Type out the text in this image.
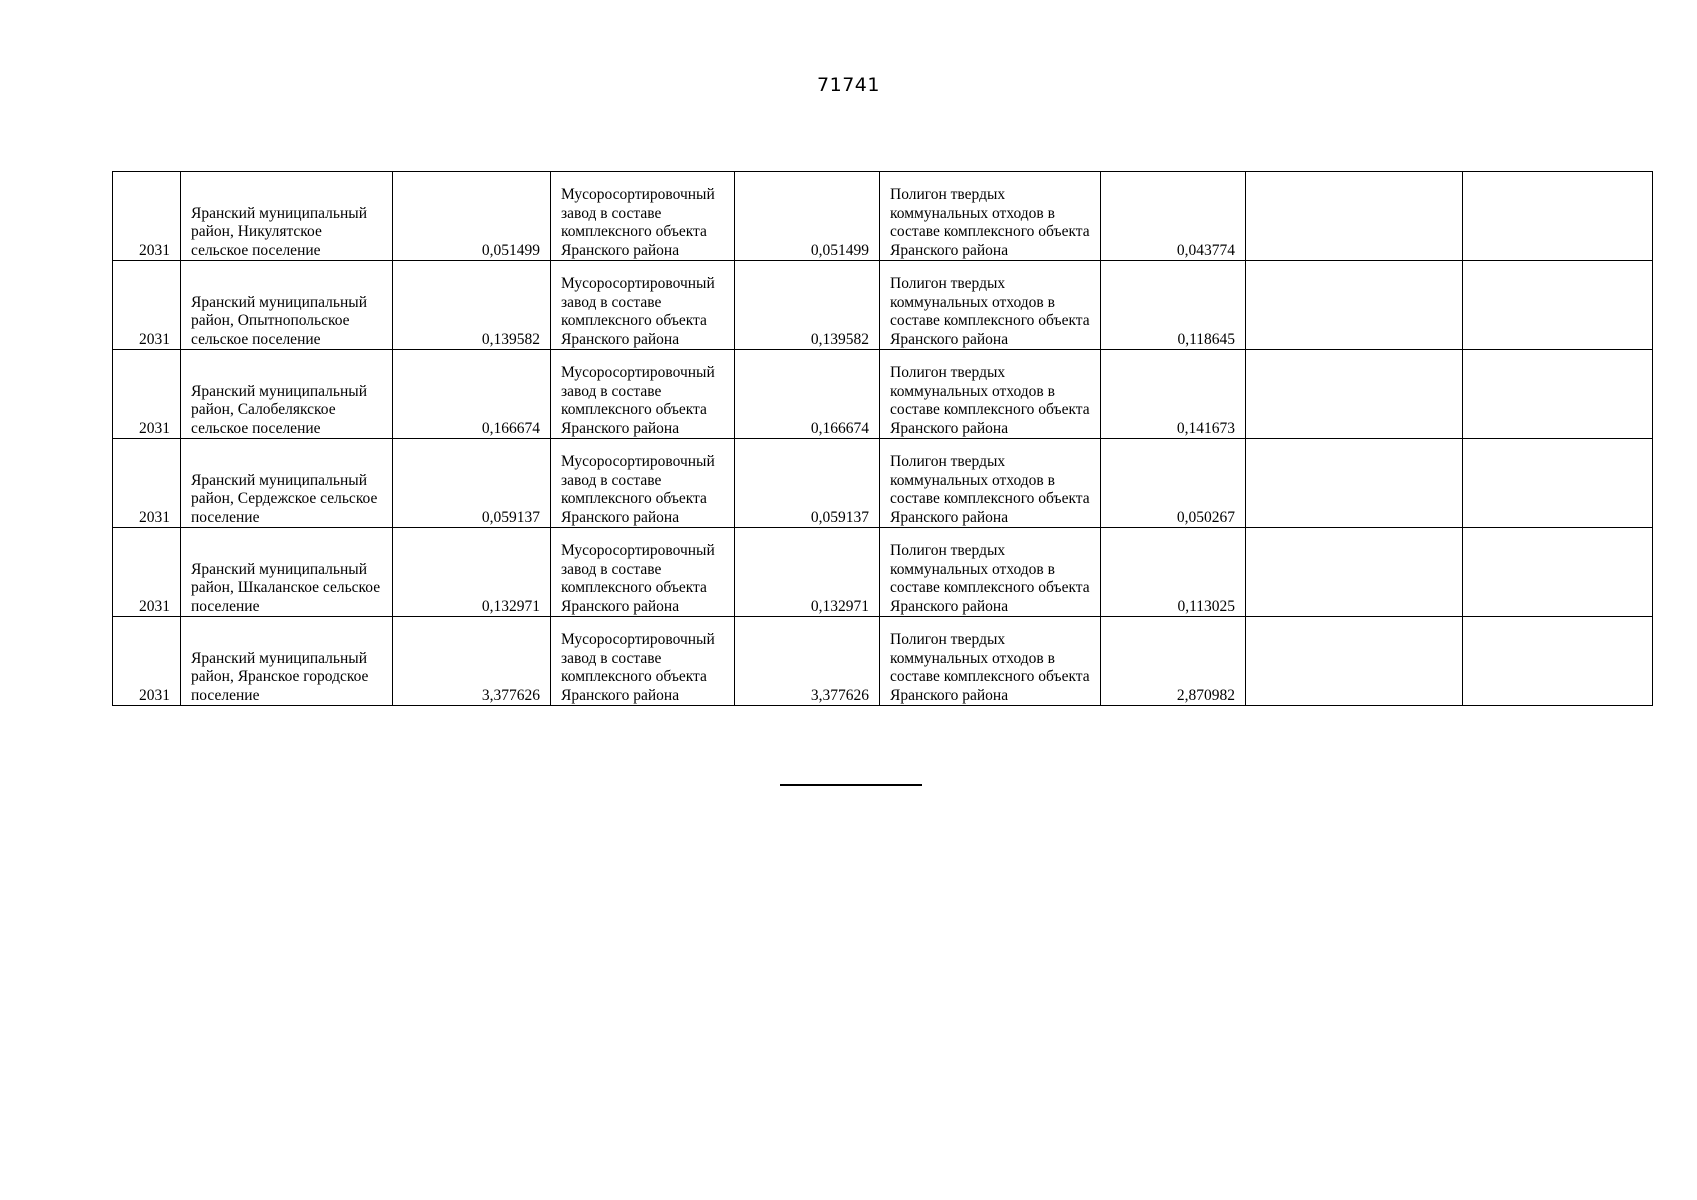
71741
2031	Яранский муниципальный район, Никулятское сельское поселение	0,051499	Мусоросортировочный завод в составе комплексного объекта Яранского района	0,051499	Полигон твердых коммунальных отходов в составе комплексного объекта Яранского района	0,043774		
2031	Яранский муниципальный район, Опытнопольское сельское поселение	0,139582	Мусоросортировочный завод в составе комплексного объекта Яранского района	0,139582	Полигон твердых коммунальных отходов в составе комплексного объекта Яранского района	0,118645		
2031	Яранский муниципальный район, Салобелякское сельское поселение	0,166674	Мусоросортировочный завод в составе комплексного объекта Яранского района	0,166674	Полигон твердых коммунальных отходов в составе комплексного объекта Яранского района	0,141673		
2031	Яранский муниципальный район, Сердежское сельское поселение	0,059137	Мусоросортировочный завод в составе комплексного объекта Яранского района	0,059137	Полигон твердых коммунальных отходов в составе комплексного объекта Яранского района	0,050267		
2031	Яранский муниципальный район, Шкаланское сельское поселение	0,132971	Мусоросортировочный завод в составе комплексного объекта Яранского района	0,132971	Полигон твердых коммунальных отходов в составе комплексного объекта Яранского района	0,113025		
2031	Яранский муниципальный район, Яранское городское поселение	3,377626	Мусоросортировочный завод в составе комплексного объекта Яранского района	3,377626	Полигон твердых коммунальных отходов в составе комплексного объекта Яранского района	2,870982		
